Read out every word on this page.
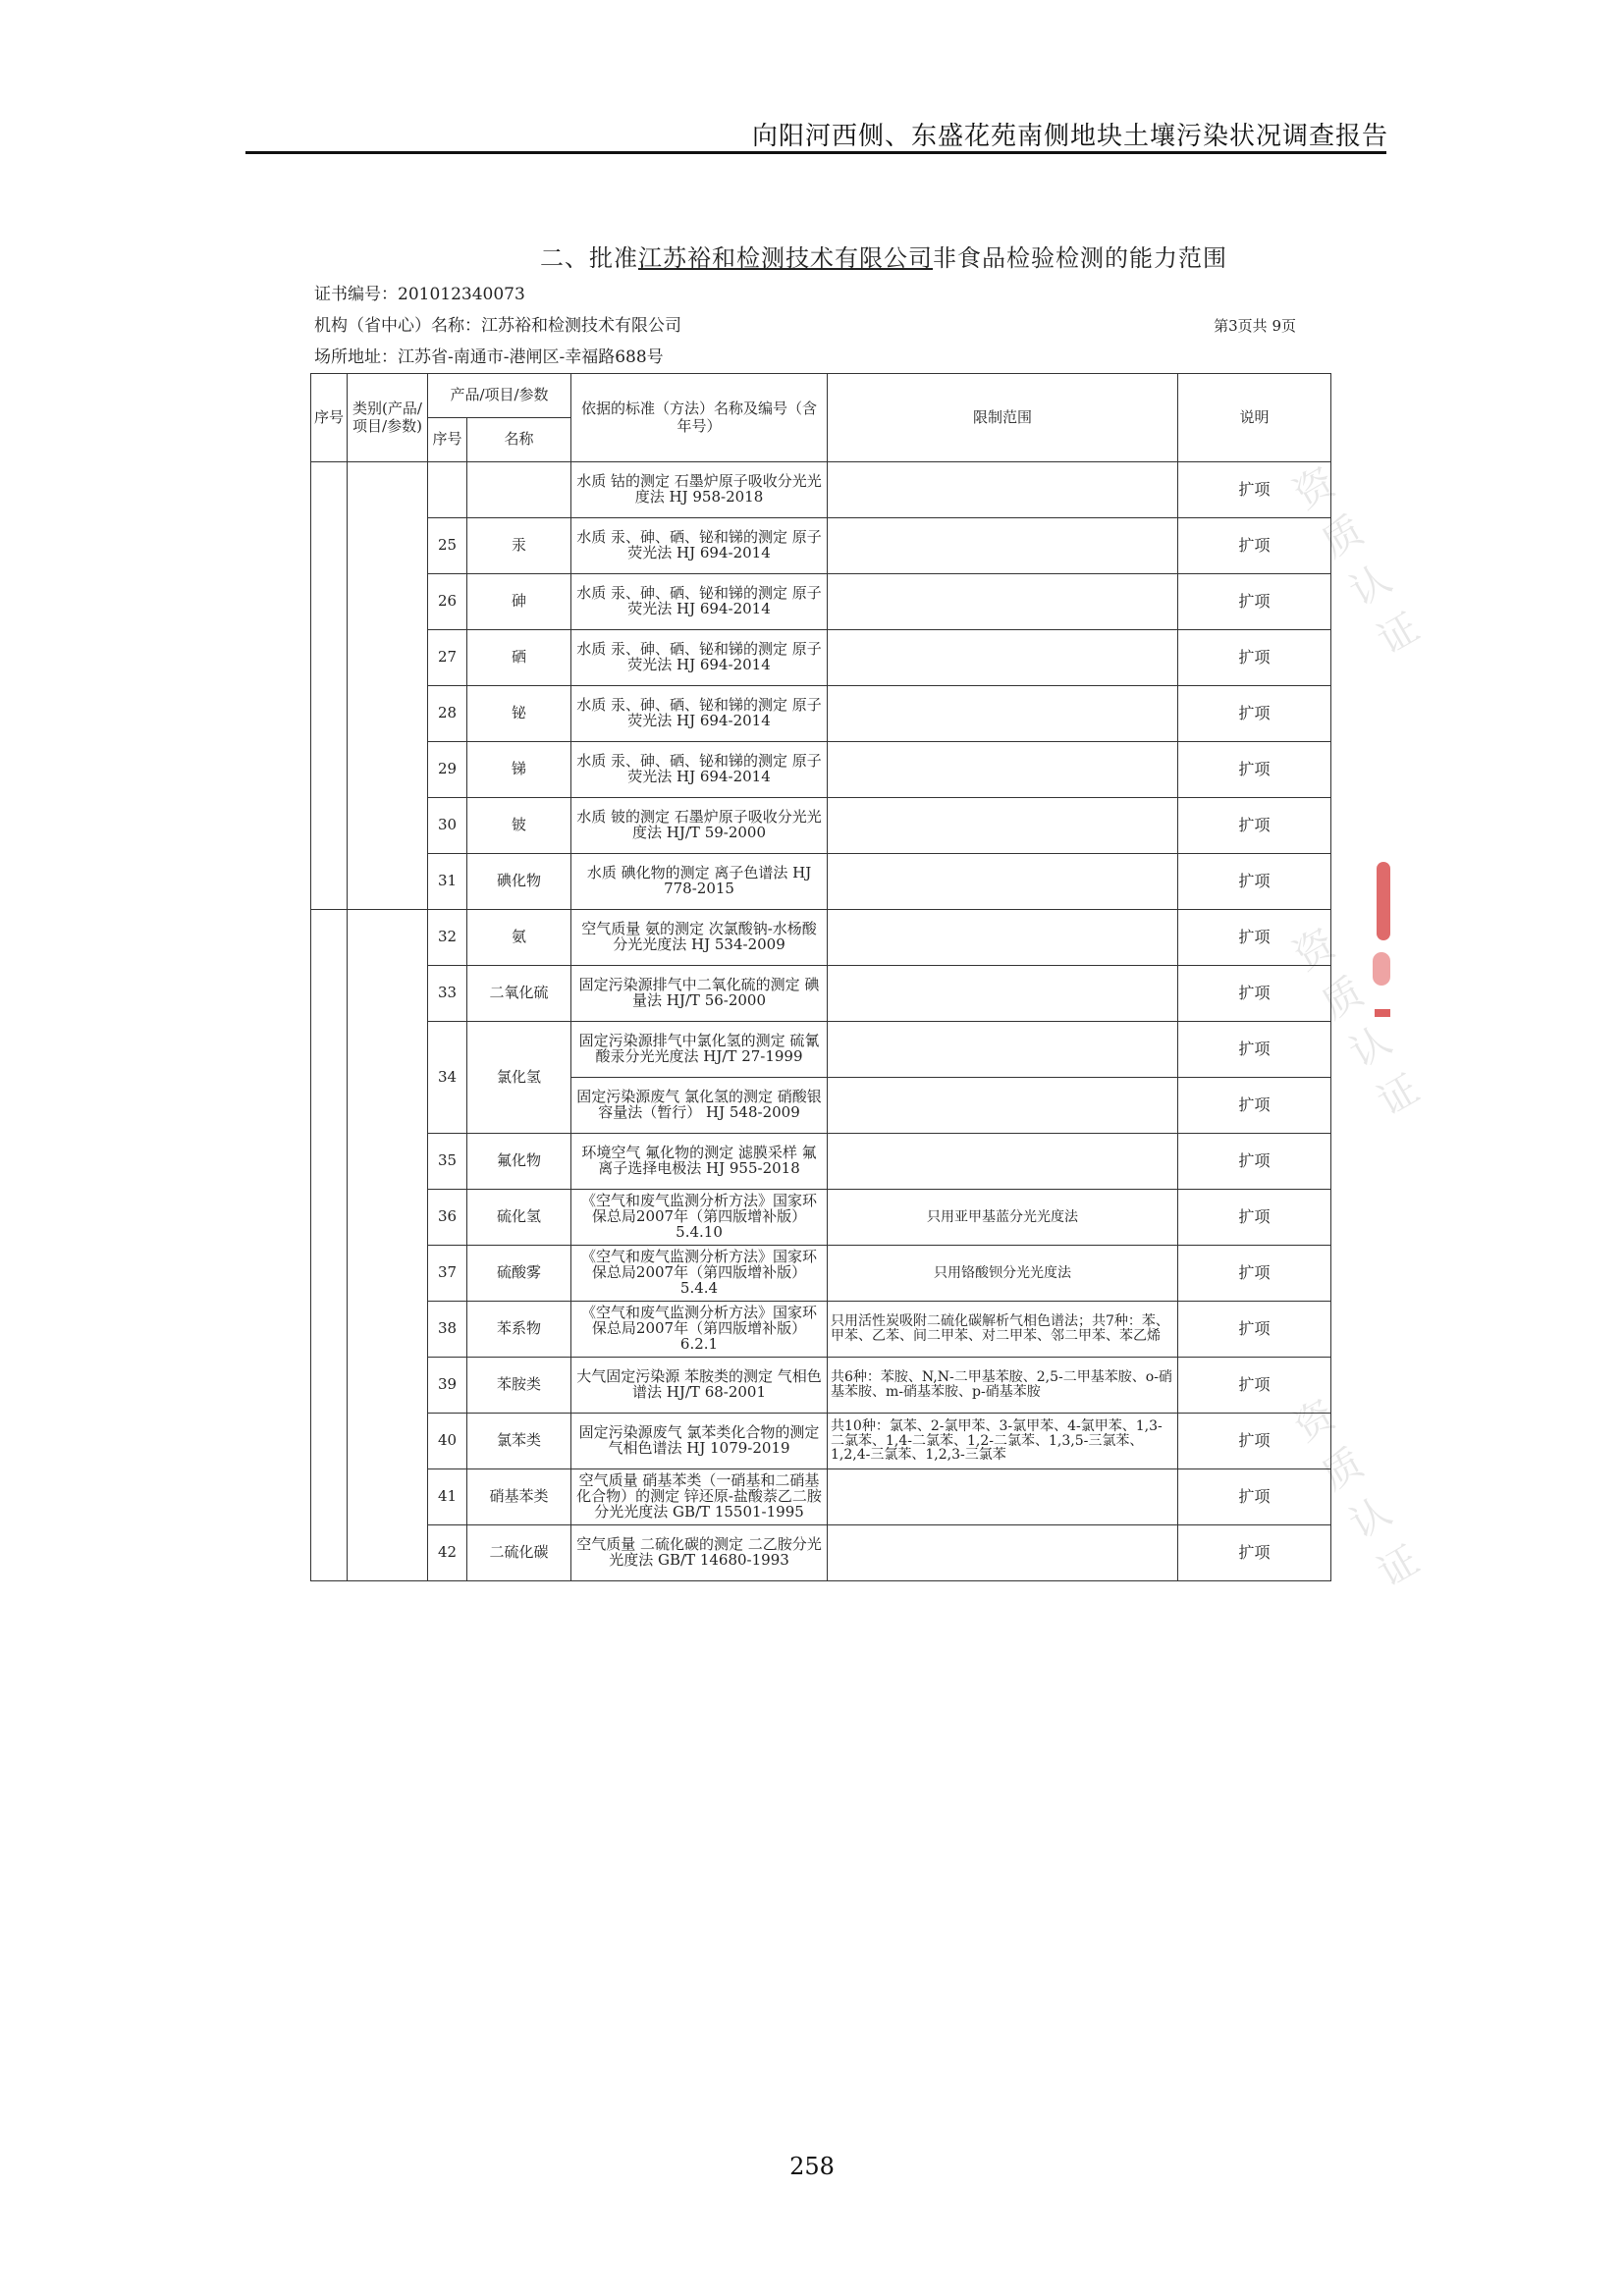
向阳河西侧、东盛花苑南侧地块土壤污染状况调查报告
资质认证
资质认证
资质认证
二、批准江苏裕和检测技术有限公司非食品检验检测的能力范围
证书编号：201012340073
机构（省中心）名称：江苏裕和检测技术有限公司
场所地址：江苏省-南通市-港闸区-幸福路688号
第3页共 9页
序号	类别(产品/项目/参数)	产品/项目/参数		依据的标准（方法）名称及编号（含年号）	限制范围	说明
		序号	名称			
				水质 钴的测定 石墨炉原子吸收分光光度法 HJ 958-2018		扩项
		25	汞	水质 汞、砷、硒、铋和锑的测定 原子荧光法 HJ 694-2014		扩项
		26	砷	水质 汞、砷、硒、铋和锑的测定 原子荧光法 HJ 694-2014		扩项
		27	硒	水质 汞、砷、硒、铋和锑的测定 原子荧光法 HJ 694-2014		扩项
		28	铋	水质 汞、砷、硒、铋和锑的测定 原子荧光法 HJ 694-2014		扩项
		29	锑	水质 汞、砷、硒、铋和锑的测定 原子荧光法 HJ 694-2014		扩项
		30	铍	水质 铍的测定 石墨炉原子吸收分光光度法 HJ/T 59-2000		扩项
		31	碘化物	水质 碘化物的测定 离子色谱法 HJ 778-2015		扩项
		32	氨	空气质量 氨的测定 次氯酸钠-水杨酸分光光度法 HJ 534-2009		扩项
		33	二氧化硫	固定污染源排气中二氧化硫的测定 碘量法 HJ/T 56-2000		扩项
		34	氯化氢	固定污染源排气中氯化氢的测定 硫氰酸汞分光光度法 HJ/T 27-1999		扩项
				固定污染源废气 氯化氢的测定 硝酸银容量法（暂行） HJ 548-2009		扩项
		35	氟化物	环境空气 氟化物的测定 滤膜采样 氟离子选择电极法 HJ 955-2018		扩项
		36	硫化氢	《空气和废气监测分析方法》国家环保总局2007年（第四版增补版） 5.4.10	只用亚甲基蓝分光光度法	扩项
		37	硫酸雾	《空气和废气监测分析方法》国家环保总局2007年（第四版增补版） 5.4.4	只用铬酸钡分光光度法	扩项
		38	苯系物	《空气和废气监测分析方法》国家环保总局2007年（第四版增补版） 6.2.1	只用活性炭吸附二硫化碳解析气相色谱法；共7种：苯、甲苯、乙苯、间二甲苯、对二甲苯、邻二甲苯、苯乙烯	扩项
		39	苯胺类	大气固定污染源 苯胺类的测定 气相色谱法 HJ/T 68-2001	共6种：苯胺、N,N-二甲基苯胺、2,5-二甲基苯胺、o-硝基苯胺、m-硝基苯胺、p-硝基苯胺	扩项
		40	氯苯类	固定污染源废气 氯苯类化合物的测定 气相色谱法 HJ 1079-2019	共10种：氯苯、2-氯甲苯、3-氯甲苯、4-氯甲苯、1,3-二氯苯、1,4-二氯苯、1,2-二氯苯、1,3,5-三氯苯、1,2,4-三氯苯、1,2,3-三氯苯	扩项
		41	硝基苯类	空气质量 硝基苯类（一硝基和二硝基化合物）的测定 锌还原-盐酸萘乙二胺分光光度法 GB/T 15501-1995		扩项
		42	二硫化碳	空气质量 二硫化碳的测定 二乙胺分光光度法 GB/T 14680-1993		扩项
258
